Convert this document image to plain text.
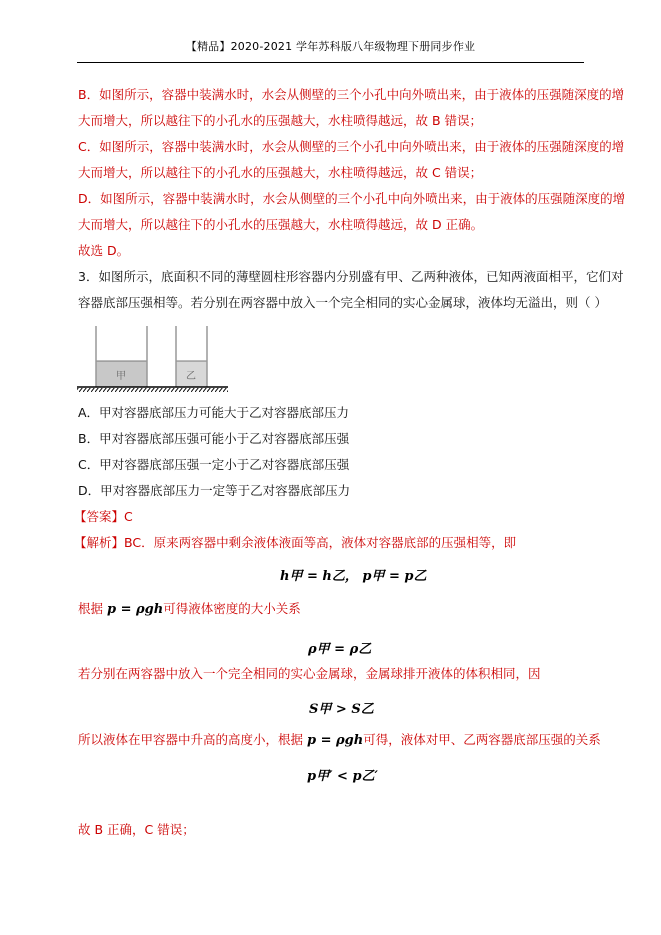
【精品】2020-2021 学年苏科版八年级物理下册同步作业
B．如图所示，容器中装满水时，水会从侧壁的三个小孔中向外喷出来，由于液体的压强随深度的增
大而增大，所以越往下的小孔水的压强越大，水柱喷得越远，故 B 错误；
C．如图所示，容器中装满水时，水会从侧壁的三个小孔中向外喷出来，由于液体的压强随深度的增
大而增大，所以越往下的小孔水的压强越大，水柱喷得越远，故 C 错误；
D．如图所示，容器中装满水时，水会从侧壁的三个小孔中向外喷出来，由于液体的压强随深度的增
大而增大，所以越往下的小孔水的压强越大，水柱喷得越远，故 D 正确。
故选 D。
3．如图所示，底面积不同的薄壁圆柱形容器内分别盛有甲、乙两种液体，已知两液面相平，它们对
容器底部压强相等。若分别在两容器中放入一个完全相同的实心金属球，液体均无溢出，则（ ）
甲	乙
A．甲对容器底部压力可能大于乙对容器底部压力
B．甲对容器底部压强可能小于乙对容器底部压强
C．甲对容器底部压强一定小于乙对容器底部压强
D．甲对容器底部压力一定等于乙对容器底部压力
【答案】C
【解析】BC．原来两容器中剩余液体液面等高，液体对容器底部的压强相等，即
h甲 = h乙， p甲 = p乙
根据 p = ρgh可得液体密度的大小关系
ρ甲 = ρ乙
若分别在两容器中放入一个完全相同的实心金属球，金属球排开液体的体积相同，因
S甲 > S乙
所以液体在甲容器中升高的高度小，根据 p = ρgh可得，液体对甲、乙两容器底部压强的关系
p甲′ < p乙′
故 B 正确，C 错误；
